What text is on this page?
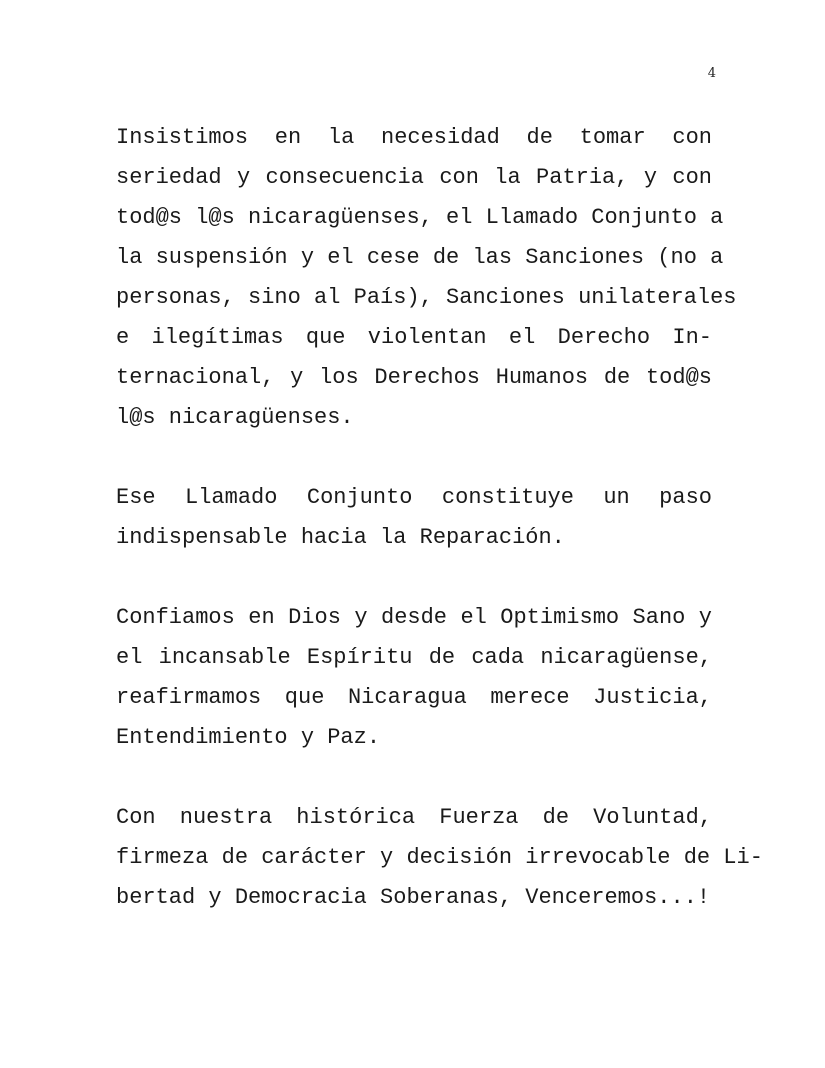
4

Insistimos en la necesidad de tomar con
seriedad y consecuencia con la Patria, y con
tod@s l@s nicaragüenses, el Llamado Conjunto a
la suspensión y el cese de las Sanciones (no a
personas, sino al País), Sanciones unilaterales
e ilegítimas que violentan el Derecho In-
ternacional, y los Derechos Humanos de tod@s
l@s nicaragüenses.

Ese Llamado Conjunto constituye un paso
indispensable hacia la Reparación.

Confiamos en Dios y desde el Optimismo Sano y
el incansable Espíritu de cada nicaragüense,
reafirmamos que Nicaragua merece Justicia,
Entendimiento y Paz.

Con nuestra histórica Fuerza de Voluntad,
firmeza de carácter y decisión irrevocable de Li-
bertad y Democracia Soberanas, Venceremos...!
